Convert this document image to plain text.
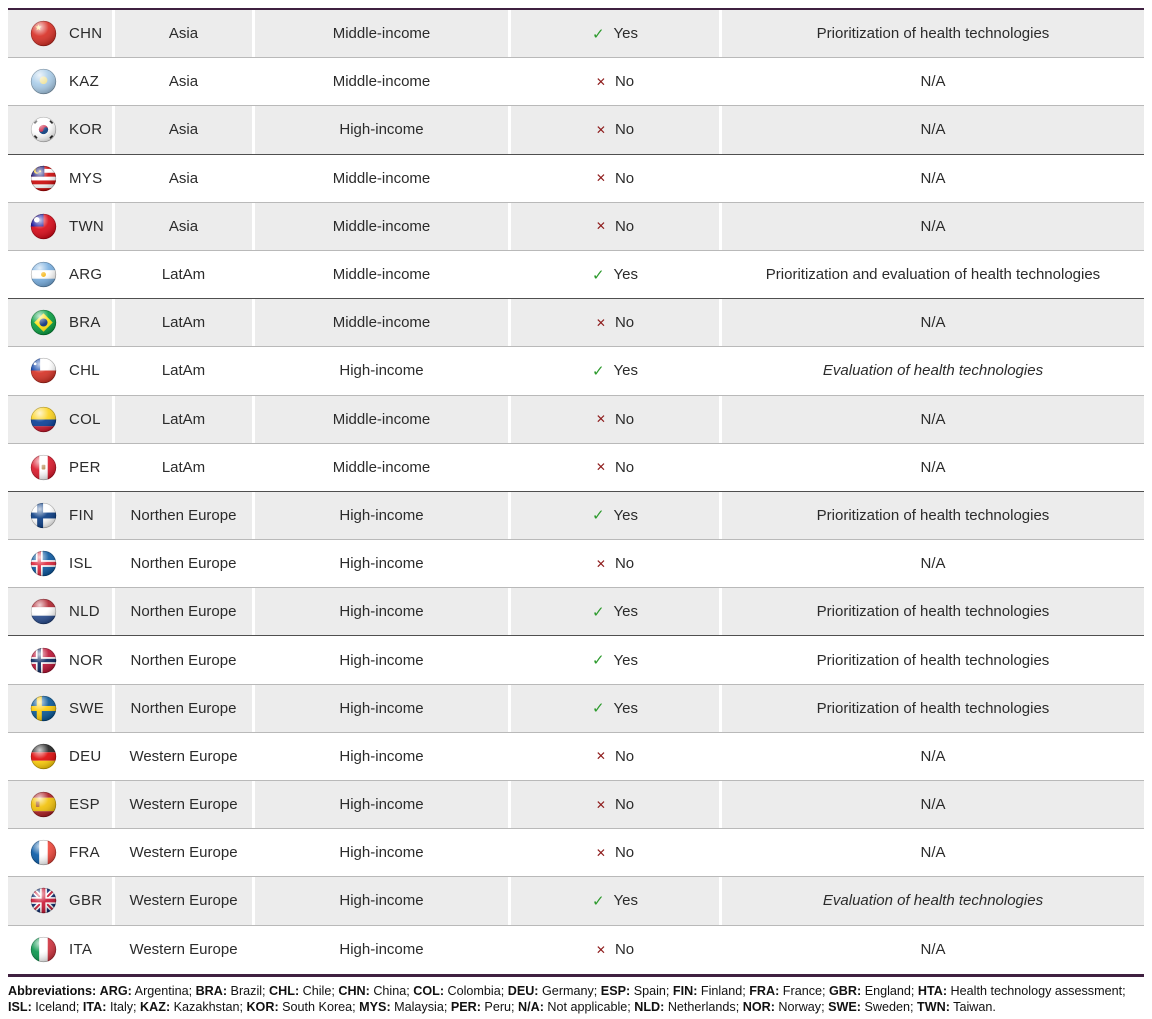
CHN	Asia	Middle-income	✓ Yes	Prioritization of health technologies
KAZ	Asia	Middle-income	✕ No	N/A
KOR	Asia	High-income	✕ No	N/A
MYS	Asia	Middle-income	✕ No	N/A
TWN	Asia	Middle-income	✕ No	N/A
ARG	LatAm	Middle-income	✓ Yes	Prioritization and evaluation of health technologies
BRA	LatAm	Middle-income	✕ No	N/A
CHL	LatAm	High-income	✓ Yes	Evaluation of health technologies
COL	LatAm	Middle-income	✕ No	N/A
PER	LatAm	Middle-income	✕ No	N/A
FIN	Northen Europe	High-income	✓ Yes	Prioritization of health technologies
ISL	Northen Europe	High-income	✕ No	N/A
NLD	Northen Europe	High-income	✓ Yes	Prioritization of health technologies
NOR	Northen Europe	High-income	✓ Yes	Prioritization of health technologies
SWE	Northen Europe	High-income	✓ Yes	Prioritization of health technologies
DEU	Western Europe	High-income	✕ No	N/A
ESP	Western Europe	High-income	✕ No	N/A
FRA	Western Europe	High-income	✕ No	N/A
GBR	Western Europe	High-income	✓ Yes	Evaluation of health technologies
ITA	Western Europe	High-income	✕ No	N/A
Abbreviations: ARG: Argentina; BRA: Brazil; CHL: Chile; CHN: China; COL: Colombia; DEU: Germany; ESP: Spain; FIN: Finland; FRA: France; GBR: England; HTA: Health technology assessment; ISL: Iceland; ITA: Italy; KAZ: Kazakhstan; KOR: South Korea; MYS: Malaysia; PER: Peru; N/A: Not applicable; NLD: Netherlands; NOR: Norway; SWE: Sweden; TWN: Taiwan.
